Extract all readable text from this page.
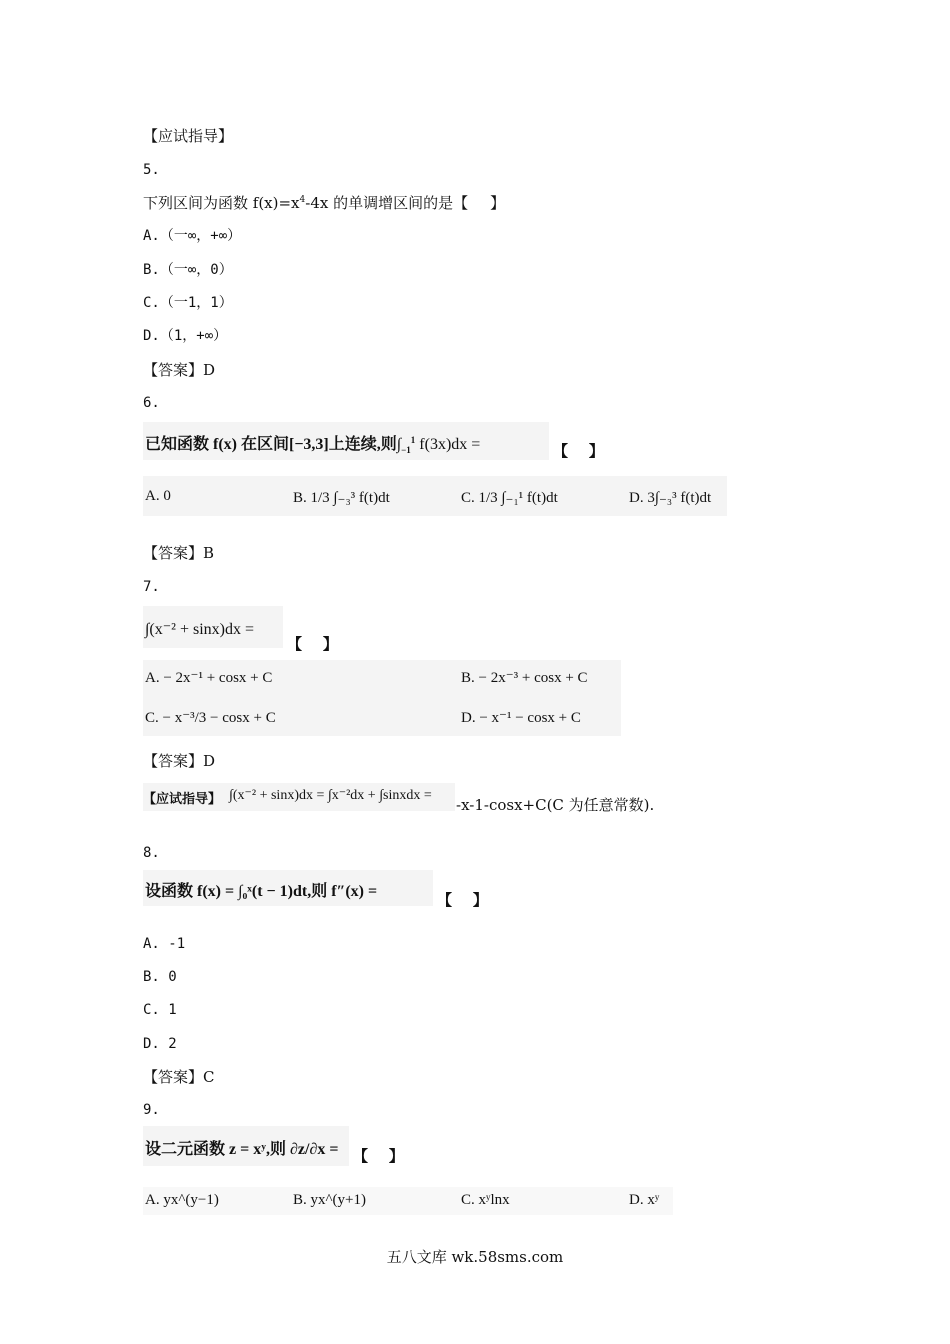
【应试指导】
5.
下列区间为函数 $f(x)=x^4-4x$ 的单调增区间的是【 】
A.（一∞，+∞）
B.（一∞，0）
C.（一1，1）
D.（1，+∞）
【答案】D
6.
已知函数 f(x) 在区间[−3,3]上连续,则$\int_{-1}^1$ f(3x)dx =	【    】
A. 0	B. 1/3 ∫₋₃³ f(t)dt	C. 1/3 ∫₋₁¹ f(t)dt	D. 3∫₋₃³ f(t)dt
【答案】B
7.
∫(x⁻² + sinx)dx =
【    】
A. − 2x⁻¹ + cosx + C	B. − 2x⁻³ + cosx + C
C. − x⁻³/3 − cosx + C	D. − x⁻¹ − cosx + C
【答案】D
【应试指导】 ∫(x⁻² + sinx)dx = ∫x⁻²dx + ∫sinxdx =
-x-1-cosx+C(C 为任意常数).
8.
设函数 f(x) = ∫₀ˣ(t − 1)dt,则 f″(x) =	【    】
A. -1
B. 0
C. 1
D. 2
【答案】C
9.
设二元函数 z = xʸ,则 ∂z/∂x = 【    】
A. yx^(y−1)	B. yx^(y+1)	C. xʸlnx	D. xʸ
五八文库 wk.58sms.com
